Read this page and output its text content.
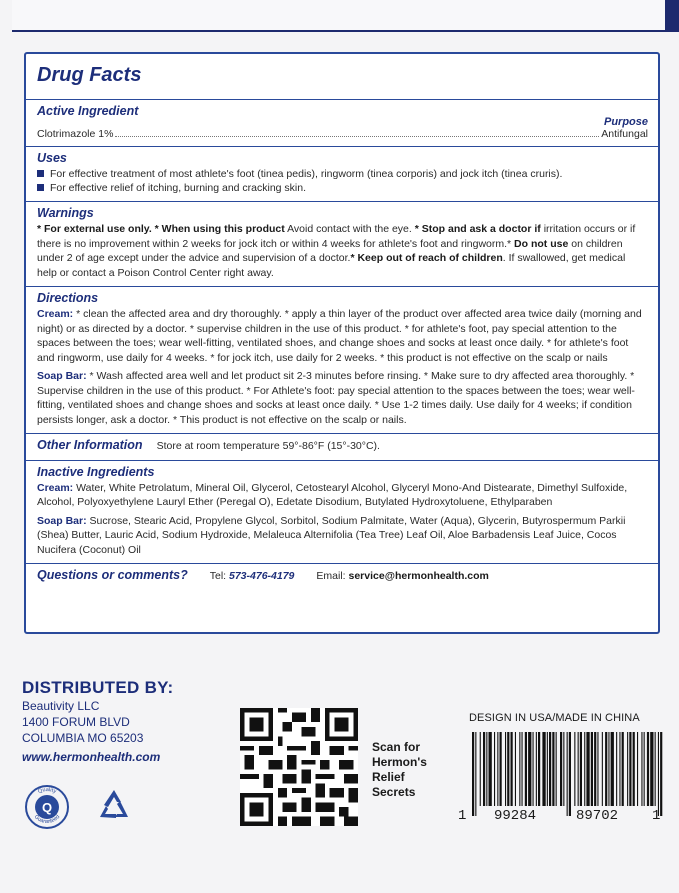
Drug Facts
Active Ingredient
Purpose
Clotrimazole 1%	Antifungal
Uses
For effective treatment of most athlete's foot (tinea pedis), ringworm (tinea corporis) and jock itch (tinea cruris).
For effective relief of itching, burning and cracking skin.
Warnings
* For external use only. * When using this product Avoid contact with the eye. * Stop and ask a doctor if irritation occurs or if there is no improvement within 2 weeks for jock itch or within 4 weeks for athlete's foot and ringworm.* Do not use on children under 2 of age except under the advice and supervision of a doctor.* Keep out of reach of children. If swallowed, get medical help or contact a Poison Control Center right away.
Directions
Cream: * clean the affected area and dry thoroughly. * apply a thin layer of the product over affected area twice daily (morning and night) or as directed by a doctor. * supervise children in the use of this product. * for athlete's foot, pay special attention to the spaces between the toes; wear well-fitting, ventilated shoes, and change shoes and socks at least once daily. * for athlete's foot and ringworm, use daily for 4 weeks. * for jock itch, use daily for 2 weeks. * this product is not effective on the scalp or nails
Soap Bar: * Wash affected area well and let product sit 2-3 minutes before rinsing. * Make sure to dry affected area thoroughly. * Supervise children in the use of this product. * For Athlete's foot: pay special attention to the spaces between the toes; wear well-fitting, ventilated shoes and change shoes and socks at least once daily. * Use 1-2 times daily. Use daily for 4 weeks; if condition persists longer, ask a doctor. * This product is not effective on the scalp or nails.
Other Information Store at room temperature 59°-86°F (15°-30°C).
Inactive Ingredients
Cream: Water, White Petrolatum, Mineral Oil, Glycerol, Cetostearyl Alcohol, Glyceryl Mono-And Distearate, Dimethyl Sulfoxide, Alcohol, Polyoxyethylene Lauryl Ether (Peregal O), Edetate Disodium, Butylated Hydroxytoluene, Ethylparaben
Soap Bar: Sucrose, Stearic Acid, Propylene Glycol, Sorbitol, Sodium Palmitate, Water (Aqua), Glycerin, Butyrospermum Parkii (Shea) Butter, Lauric Acid, Sodium Hydroxide, Melaleuca Alternifolia (Tea Tree) Leaf Oil, Aloe Barbadensis Leaf Juice, Cocos Nucifera (Coconut) Oil
Questions or comments? Tel: 573-476-4179 Email: service@hermonhealth.com
DISTRIBUTED BY:
Beautivity LLC
1400 FORUM BLVD
COLUMBIA MO 65203
www.hermonhealth.com
Q
Quality
Guaranteed
Scan for
Hermon's
Relief
Secrets
DESIGN IN USA/MADE IN CHINA
1 99284	89702 1
